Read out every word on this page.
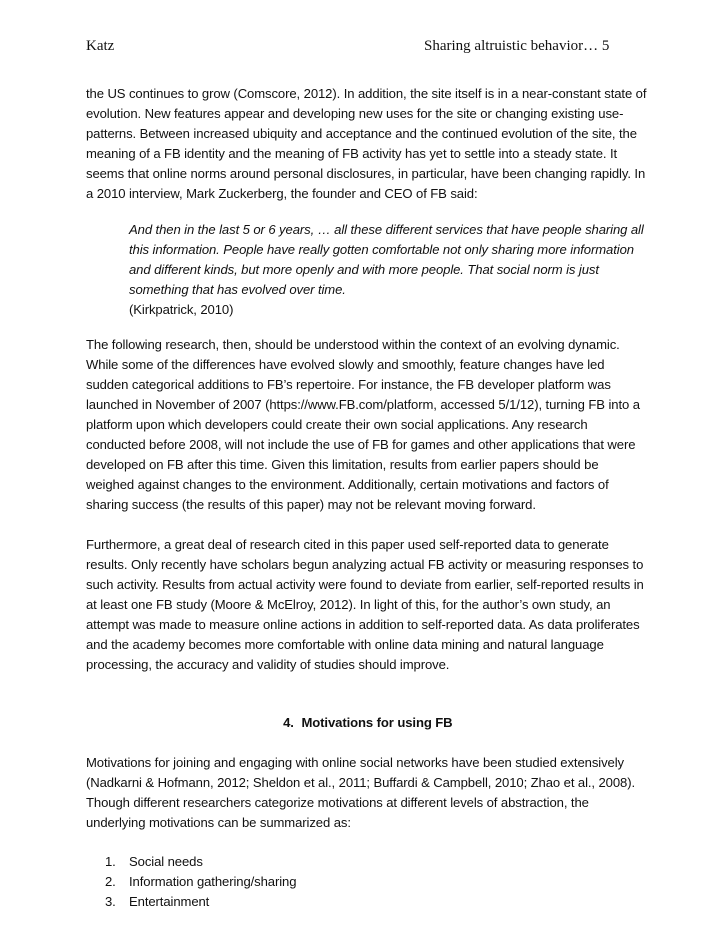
Katz	Sharing altruistic behavior… 5

the US continues to grow (Comscore, 2012). In addition, the site itself is in a near-constant state of evolution. New features appear and developing new uses for the site or changing existing use-patterns. Between increased ubiquity and acceptance and the continued evolution of the site, the meaning of a FB identity and the meaning of FB activity has yet to settle into a steady state. It seems that online norms around personal disclosures, in particular, have been changing rapidly. In a 2010 interview, Mark Zuckerberg, the founder and CEO of FB said:

And then in the last 5 or 6 years, … all these different services that have people sharing all this information. People have really gotten comfortable not only sharing more information and different kinds, but more openly and with more people. That social norm is just something that has evolved over time.
(Kirkpatrick, 2010)

The following research, then, should be understood within the context of an evolving dynamic. While some of the differences have evolved slowly and smoothly, feature changes have led sudden categorical additions to FB’s repertoire. For instance, the FB developer platform was launched in November of 2007 (https://www.FB.com/platform, accessed 5/1/12), turning FB into a platform upon which developers could create their own social applications. Any research conducted before 2008, will not include the use of FB for games and other applications that were developed on FB after this time. Given this limitation, results from earlier papers should be weighed against changes to the environment. Additionally, certain motivations and factors of sharing success (the results of this paper) may not be relevant moving forward.

Furthermore, a great deal of research cited in this paper used self-reported data to generate results. Only recently have scholars begun analyzing actual FB activity or measuring responses to such activity. Results from actual activity were found to deviate from earlier, self-reported results in at least one FB study (Moore & McElroy, 2012). In light of this, for the author’s own study, an attempt was made to measure online actions in addition to self-reported data. As data proliferates and the academy becomes more comfortable with online data mining and natural language processing, the accuracy and validity of studies should improve.

4. Motivations for using FB

Motivations for joining and engaging with online social networks have been studied extensively (Nadkarni & Hofmann, 2012; Sheldon et al., 2011; Buffardi & Campbell, 2010; Zhao et al., 2008). Though different researchers categorize motivations at different levels of abstraction, the underlying motivations can be summarized as:

1. Social needs
2. Information gathering/sharing
3. Entertainment
